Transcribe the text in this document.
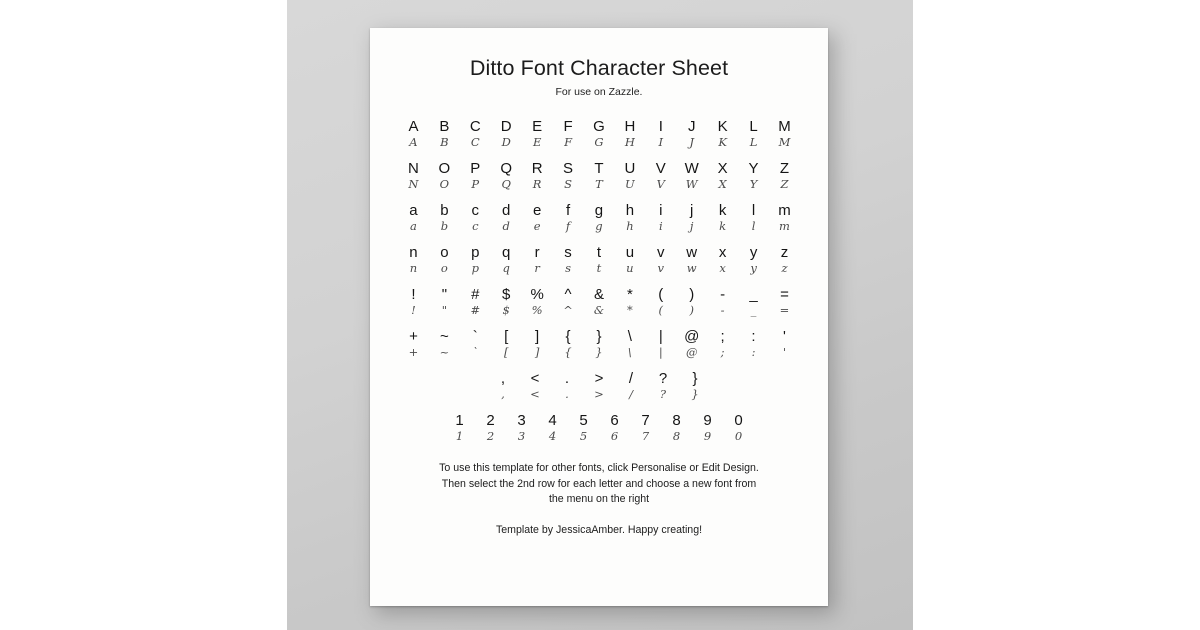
Ditto Font Character Sheet
For use on Zazzle.
A	B	C	D	E	F	G	H	I	J	K	L	M
A	B	C	D	E	F	G	H	I	J	K	L	M
N	O	P	Q	R	S	T	U	V	W	X	Y	Z
N	O	P	Q	R	S	T	U	V	W	X	Y	Z
a	b	c	d	e	f	g	h	i	j	k	l	m
a	b	c	d	e	f	g	h	i	j	k	l	m
n	o	p	q	r	s	t	u	v	w	x	y	z
n	o	p	q	r	s	t	u	v	w	x	y	z
!	"	#	$	%	^	&	*	(	)	-	_	=
!	"	#	$	%	^	&	*	(	)	-	_	=
+	~	`	[	]	{	}	\	|	@	;	:	'
+	~	`	[	]	{	}	\	|	@	;	:	'
,	<	.	>	/	?	}
,	<	.	>	/	?	}
1	2	3	4	5	6	7	8	9	0
1	2	3	4	5	6	7	8	9	0
To use this template for other fonts, click Personalise or Edit Design.
Then select the 2nd row for each letter and choose a new font from
the menu on the right
Template by JessicaAmber. Happy creating!
